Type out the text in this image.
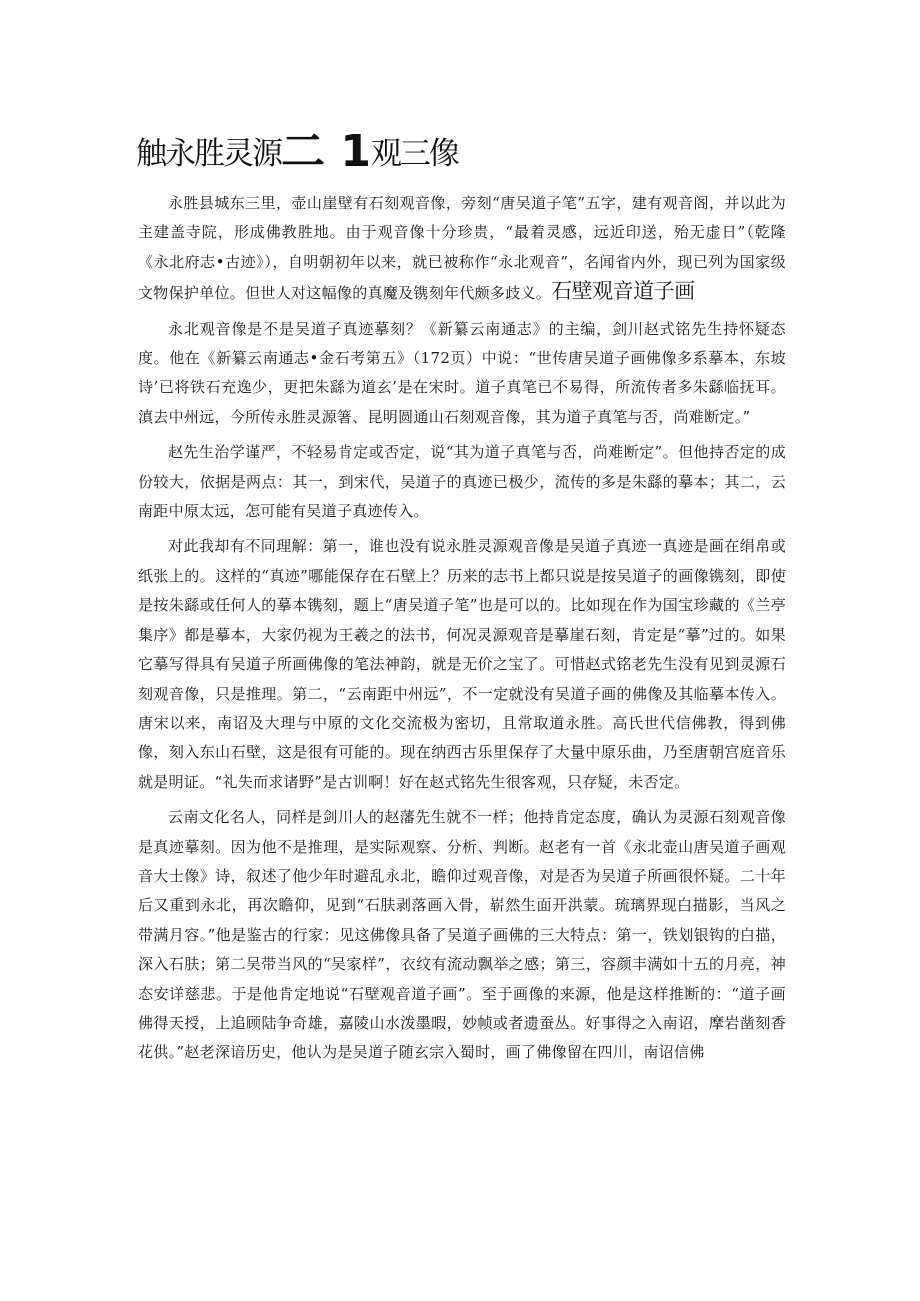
触永胜灵源二 1观三像

永胜县城东三里，壶山崖壁有石刻观音像，旁刻“唐吴道子笔”五字，建有观音阁，并以此为主建盖寺院，形成佛教胜地。由于观音像十分珍贵，“最着灵感，远近印送，殆无虚日”（乾隆《永北府志•古迹》），自明朝初年以来，就已被称作“永北观音”，名闻省内外，现已列为国家级文物保护单位。但世人对这幅像的真魔及镌刻年代颇多歧义。石壁观音道子画

永北观音像是不是吴道子真迹摹刻？《新纂云南通志》的主编，剑川赵式铭先生持怀疑态度。他在《新纂云南通志•金石考第五》（172页）中说：“世传唐吴道子画佛像多系摹本，东坡诗’已将铁石充逸少，更把朱繇为道玄’是在宋时。道子真笔已不易得，所流传者多朱繇临抚耳。滇去中州远，今所传永胜灵源箸、昆明圆通山石刻观音像，其为道子真笔与否，尚难断定。”

赵先生治学谨严，不轻易肯定或否定，说“其为道子真笔与否，尚难断定”。但他持否定的成份较大，依据是两点：其一，到宋代，吴道子的真迹已极少，流传的多是朱繇的摹本；其二，云南距中原太远，怎可能有吴道子真迹传入。

对此我却有不同理解：第一，谁也没有说永胜灵源观音像是吴道子真迹一真迹是画在绢帛或纸张上的。这样的“真迹”哪能保存在石壁上？历来的志书上都只说是按吴道子的画像镌刻，即使是按朱繇或任何人的摹本镌刻，题上“唐吴道子笔”也是可以的。比如现在作为国宝珍藏的《兰亭集序》都是摹本，大家仍视为王羲之的法书，何况灵源观音是摹崖石刻，肯定是“摹”过的。如果它摹写得具有吴道子所画佛像的笔法神韵，就是无价之宝了。可惜赵式铭老先生没有见到灵源石刻观音像，只是推理。第二，“云南距中州远”，不一定就没有吴道子画的佛像及其临摹本传入。唐宋以来，南诏及大理与中原的文化交流极为密切，且常取道永胜。高氏世代信佛教，得到佛像，刻入东山石壁，这是很有可能的。现在纳西古乐里保存了大量中原乐曲，乃至唐朝宫庭音乐就是明证。“礼失而求诸野”是古训啊！好在赵式铭先生很客观，只存疑，未否定。

云南文化名人，同样是剑川人的赵藩先生就不一样；他持肯定态度，确认为灵源石刻观音像是真迹摹刻。因为他不是推理，是实际观察、分析、判断。赵老有一首《永北壶山唐吴道子画观音大士像》诗，叙述了他少年时避乱永北，瞻仰过观音像，对是否为吴道子所画很怀疑。二十年后又重到永北，再次瞻仰，见到“石肤剥落画入骨，崭然生面开洪蒙。琉璃界现白描影，当风之带满月容。”他是鉴古的行家：见这佛像具备了吴道子画佛的三大特点：第一，铁划银钩的白描，深入石肤；第二吴带当风的“吴家样”，衣纹有流动飘举之感；第三，容颜丰满如十五的月亮，神态安详慈悲。于是他肯定地说“石壁观音道子画”。至于画像的来源，他是这样推断的：“道子画佛得天授，上追顾陆争奇雄，嘉陵山水泼墨暇，妙帧或者遗蚕丛。好事得之入南诏，摩岩凿刻香花供。”赵老深谙历史，他认为是吴道子随玄宗入蜀时，画了佛像留在四川，南诏信佛
